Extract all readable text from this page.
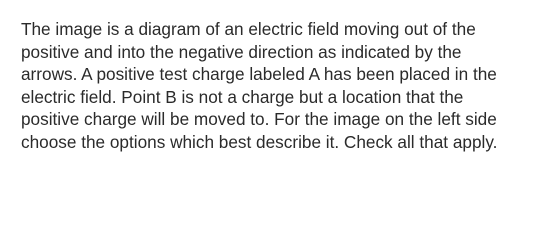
The image is a diagram of an electric field moving out of the

positive and into the negative direction as indicated by the

arrows. A positive test charge labeled A has been placed in the

electric field. Point B is not a charge but a location that the

positive charge will be moved to. For the image on the left side

choose the options which best describe it. Check all that apply.
